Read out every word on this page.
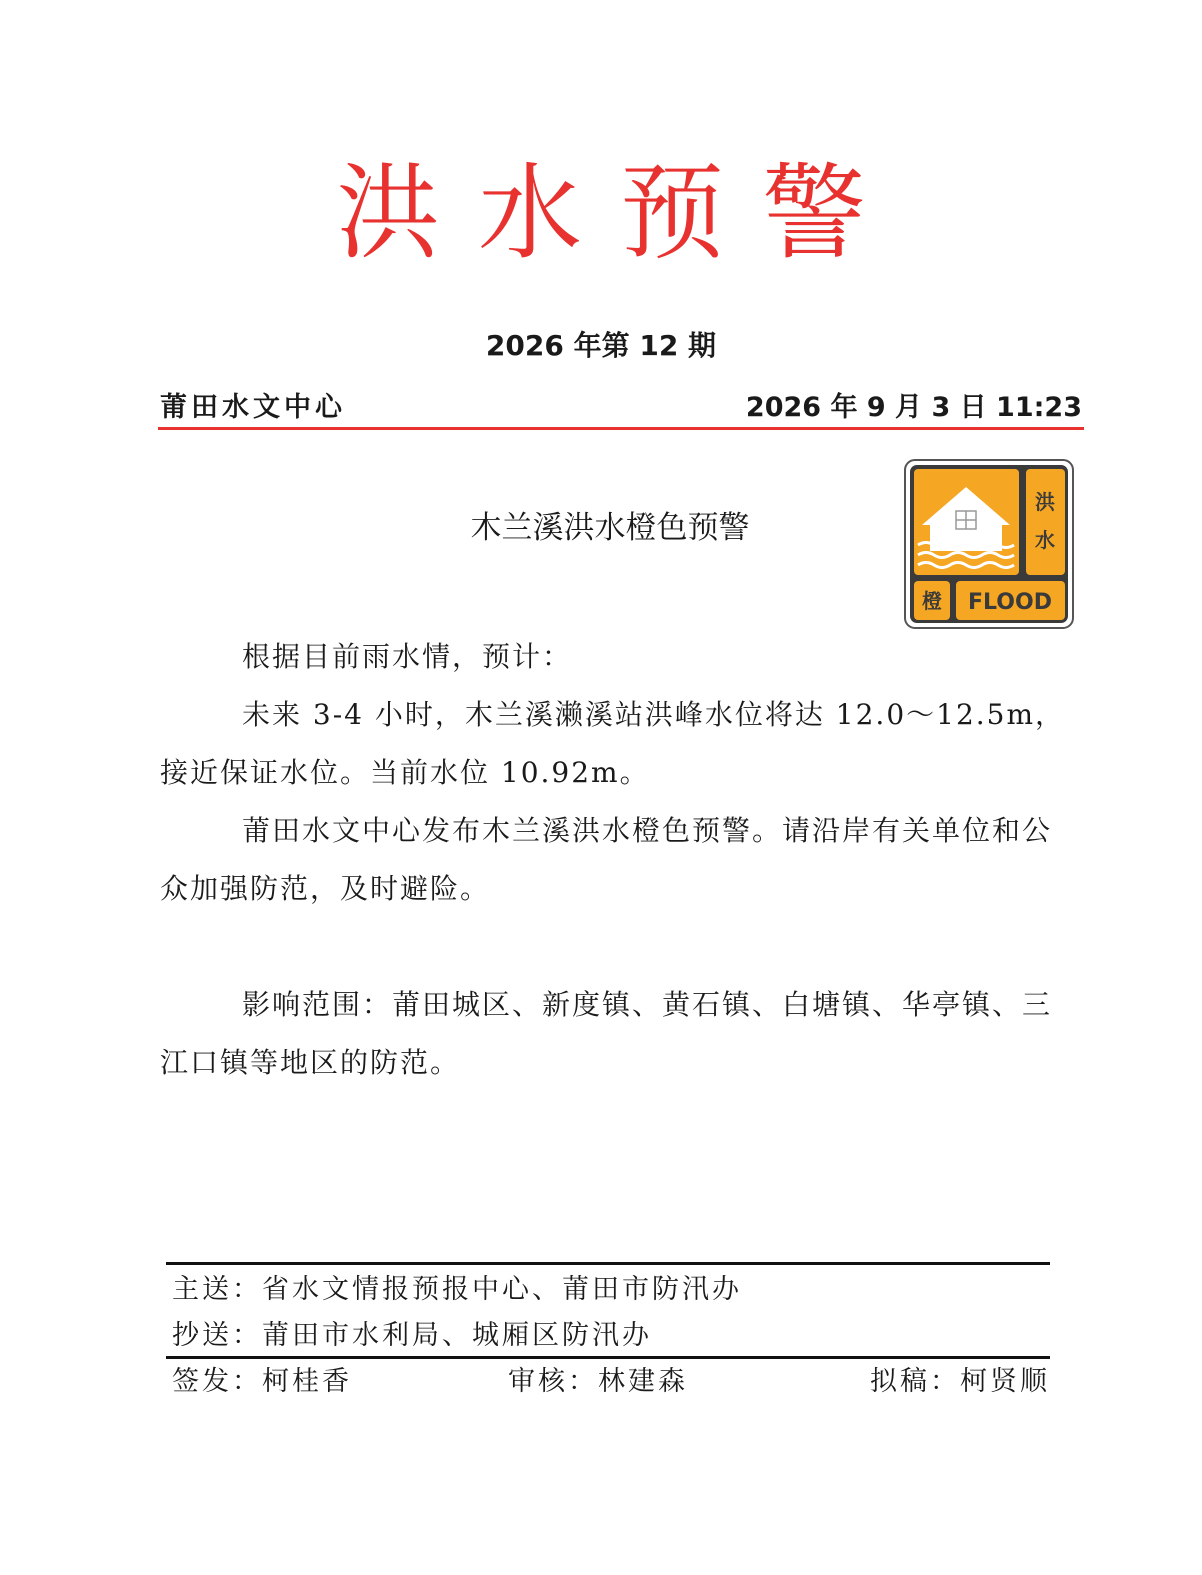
洪水预警
2026 年第 12 期
莆田水文中心	2026 年 9 月 3 日 11:23
木兰溪洪水橙色预警
洪
水
橙 FLOOD

根据目前雨水情，预计：

未来 3-4 小时，木兰溪濑溪站洪峰水位将达 12.0～12.5m，接近保证水位。当前水位 10.92m。

莆田水文中心发布木兰溪洪水橙色预警。请沿岸有关单位和公众加强防范，及时避险。

影响范围：莆田城区、新度镇、黄石镇、白塘镇、华亭镇、三江口镇等地区的防范。

主送：省水文情报预报中心、莆田市防汛办
抄送：莆田市水利局、城厢区防汛办
签发：柯桂香	审核：林建森	拟稿：柯贤顺
